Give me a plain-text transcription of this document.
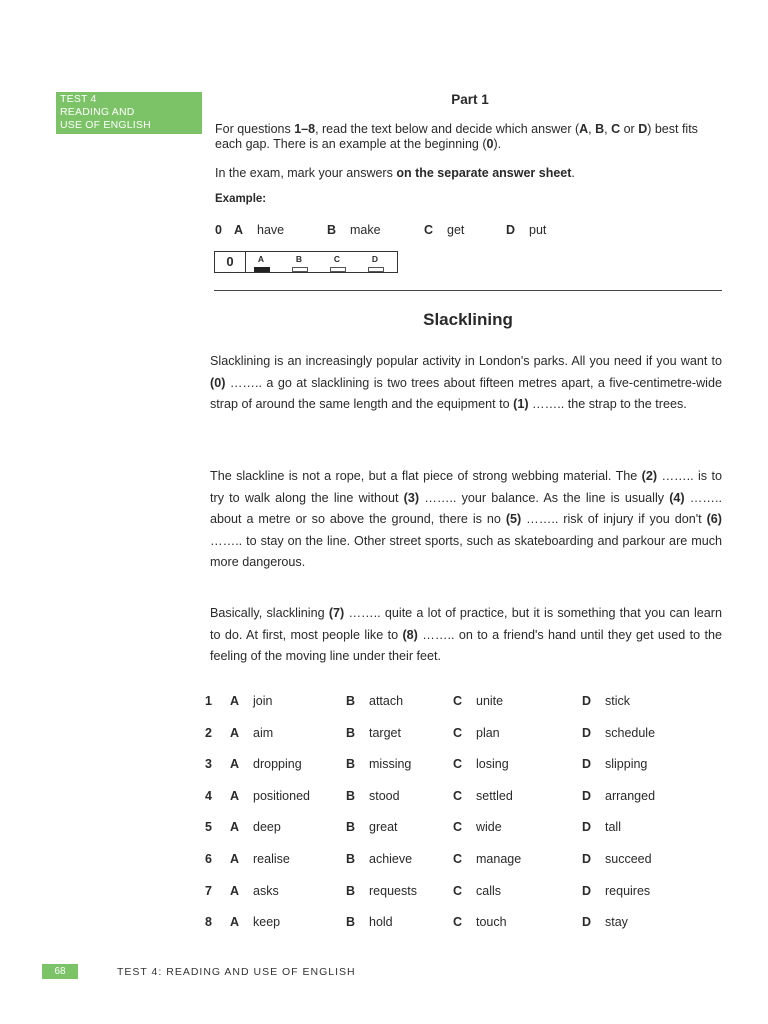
TEST 4
READING AND
USE OF ENGLISH
Part 1
For questions 1–8, read the text below and decide which answer (A, B, C or D) best fits each gap. There is an example at the beginning (0).
In the exam, mark your answers on the separate answer sheet.
Example:
0 A have	B make	C get	D put
0	A	B	C	D
Slacklining
Slacklining is an increasingly popular activity in London's parks. All you need if you want to (0) …….. a go at slacklining is two trees about fifteen metres apart, a five-centimetre-wide strap of around the same length and the equipment to (1) …….. the strap to the trees.
The slackline is not a rope, but a flat piece of strong webbing material. The (2) …….. is to try to walk along the line without (3) …….. your balance. As the line is usually (4) …….. about a metre or so above the ground, there is no (5) …….. risk of injury if you don't (6) …….. to stay on the line. Other street sports, such as skateboarding and parkour are much more dangerous.
Basically, slacklining (7) …….. quite a lot of practice, but it is something that you can learn to do. At first, most people like to (8) …….. on to a friend's hand until they get used to the feeling of the moving line under their feet.
1 A join	B attach	C unite	D stick
2 A aim	B target	C plan	D schedule
3 A dropping	B missing	C losing	D slipping
4 A positioned	B stood	C settled	D arranged
5 A deep	B great	C wide	D tall
6 A realise	B achieve	C manage	D succeed
7 A asks	B requests	C calls	D requires
8 A keep	B hold	C touch	D stay
68	TEST 4: READING AND USE OF ENGLISH
